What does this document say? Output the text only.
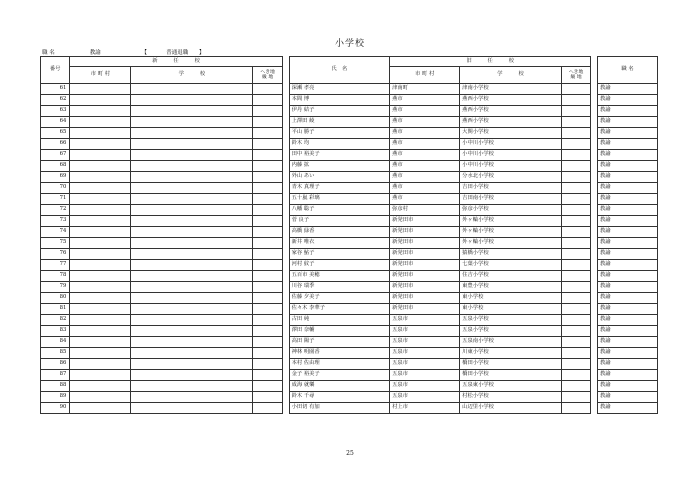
小学校
職 名	教諭	【	普通退職 】
番号	新　　　任　　　校				氏　名	旧　　　任　　　校				職 名
	市 町 村	学　　　校	へき地
級 地			市 町 村	学　　　校	へき地
級 地		
61					深瀬 孝亮	津南町	津南小学校			教諭
62					本間 博	燕市	燕西小学校			教諭
63					伊丹 結子	燕市	燕西小学校			教諭
64					上澤田 綾	燕市	燕西小学校			教諭
65					平山 勝子	燕市	大関小学校			教諭
66					鈴木 均	燕市	小中川小学校			教諭
67					田中 裕美子	燕市	小中川小学校			教諭
68					内藤 拡	燕市	小中川小学校			教諭
69					外山 あい	燕市	分水北小学校			教諭
70					青木 真理子	燕市	吉田小学校			教諭
71					五十嵐 彩璃	燕市	吉田南小学校			教諭
72					八幡 聡子	弥彦村	弥彦小学校			教諭
73					菅 良子	新発田市	外ヶ輪小学校			教諭
74					高橋 緑香	新発田市	外ヶ輪小学校			教諭
75					新井 唯衣	新発田市	外ヶ輪小学校			教諭
76					家谷 鮎子	新発田市	猿橋小学校			教諭
77					河村 紋子	新発田市	七葉小学校			教諭
78					五百市 美穂	新発田市	住吉小学校			教諭
79					川谷 瑞季	新発田市	東豊小学校			教諭
80					佐藤 夕美子	新発田市	東小学校			教諭
81					佐々木 李華子	新発田市	東小学校			教諭
82					古田 純	五泉市	五泉小学校			教諭
83					澤田 奈輔	五泉市	五泉小学校			教諭
84					高田 陽子	五泉市	五泉南小学校			教諭
85					神林 明園香	五泉市	川東小学校			教諭
86					本村 佐由理	五泉市	橋田小学校			教諭
87					金子 裕美子	五泉市	橋田小学校			教諭
88					成海 就樂	五泉市	五泉東小学校			教諭
89					鈴木 千尋	五泉市	村松小学校			教諭
90					小田切 有加	村上市	山辺里小学校			教諭
25
